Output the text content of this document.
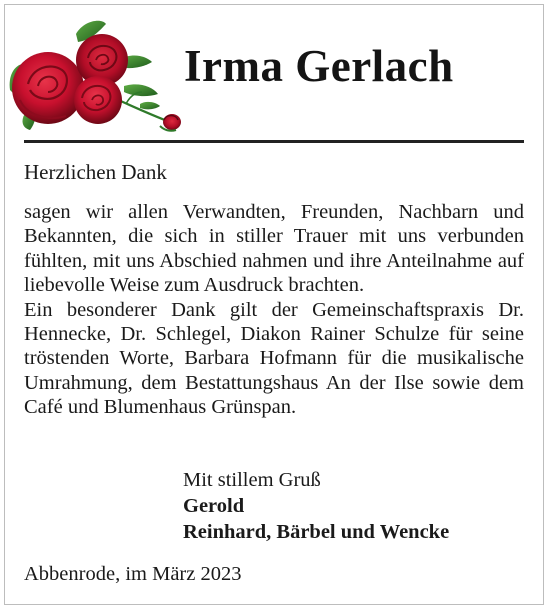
Irma Gerlach
Herzlichen Dank

sagen wir allen Verwandten, Freunden, Nachbarn und Bekannten, die sich in stiller Trauer mit uns verbunden fühlten, mit uns Abschied nahmen und ihre Anteilnahme auf liebevolle Weise zum Ausdruck brachten.

Ein besonderer Dank gilt der Gemeinschaftspraxis Dr. Hennecke, Dr. Schlegel, Diakon Rainer Schulze für seine tröstenden Worte, Barbara Hofmann für die musikalische Umrahmung, dem Bestattungshaus An der Ilse sowie dem Café und Blumenhaus Grünspan.

Mit stillem Gruß
Gerold
Reinhard, Bärbel und Wencke
Abbenrode, im März 2023
